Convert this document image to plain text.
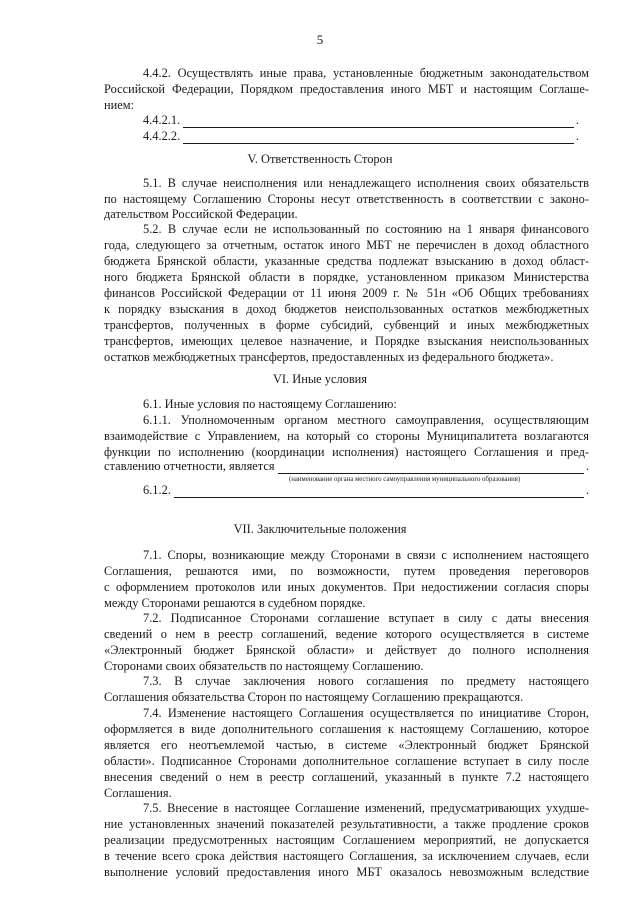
5
4.4.2. Осуществлять иные права, установленные бюджетным законодательством
Российской Федерации, Порядком предоставления иного МБТ и настоящим Соглаше-
нием:
4.4.2.1.	.
4.4.2.2.	.
V. Ответственность Сторон
5.1. В случае неисполнения или ненадлежащего исполнения своих обязательств
по настоящему Соглашению Стороны несут ответственность в соответствии с законо-
дательством Российской Федерации.
5.2. В случае если не использованный по состоянию на 1 января финансового
года, следующего за отчетным, остаток иного МБТ не перечислен в доход областного
бюджета Брянской области, указанные средства подлежат взысканию в доход област-
ного бюджета Брянской области в порядке, установленном приказом Министерства
финансов Российской Федерации от 11 июня 2009 г. № 51н «Об Общих требованиях
к порядку взыскания в доход бюджетов неиспользованных остатков межбюджетных
трансфертов, полученных в форме субсидий, субвенций и иных межбюджетных
трансфертов, имеющих целевое назначение, и Порядке взыскания неиспользованных
остатков межбюджетных трансфертов, предоставленных из федерального бюджета».
VI. Иные условия
6.1. Иные условия по настоящему Соглашению:
6.1.1. Уполномоченным органом местного самоуправления, осуществляющим
взаимодействие с Управлением, на который со стороны Муниципалитета возлагаются
функции по исполнению (координации исполнения) настоящего Соглашения и пред-
ставлению отчетности, является	.
(наименование органа местного самоуправления муниципального образования)
6.1.2.	.
VII. Заключительные положения
7.1. Споры, возникающие между Сторонами в связи с исполнением настоящего
Соглашения, решаются ими, по возможности, путем проведения переговоров
с оформлением протоколов или иных документов. При недостижении согласия споры
между Сторонами решаются в судебном порядке.
7.2. Подписанное Сторонами соглашение вступает в силу с даты внесения
сведений о нем в реестр соглашений, ведение которого осуществляется в системе
«Электронный бюджет Брянской области» и действует до полного исполнения
Сторонами своих обязательств по настоящему Соглашению.
7.3. В случае заключения нового соглашения по предмету настоящего
Соглашения обязательства Сторон по настоящему Соглашению прекращаются.
7.4. Изменение настоящего Соглашения осуществляется по инициативе Сторон,
оформляется в виде дополнительного соглашения к настоящему Соглашению, которое
является его неотъемлемой частью, в системе «Электронный бюджет Брянской
области». Подписанное Сторонами дополнительное соглашение вступает в силу после
внесения сведений о нем в реестр соглашений, указанный в пункте 7.2 настоящего
Соглашения.
7.5. Внесение в настоящее Соглашение изменений, предусматривающих ухудше-
ние установленных значений показателей результативности, а также продление сроков
реализации предусмотренных настоящим Соглашением мероприятий, не допускается
в течение всего срока действия настоящего Соглашения, за исключением случаев, если
выполнение условий предоставления иного МБТ оказалось невозможным вследствие
